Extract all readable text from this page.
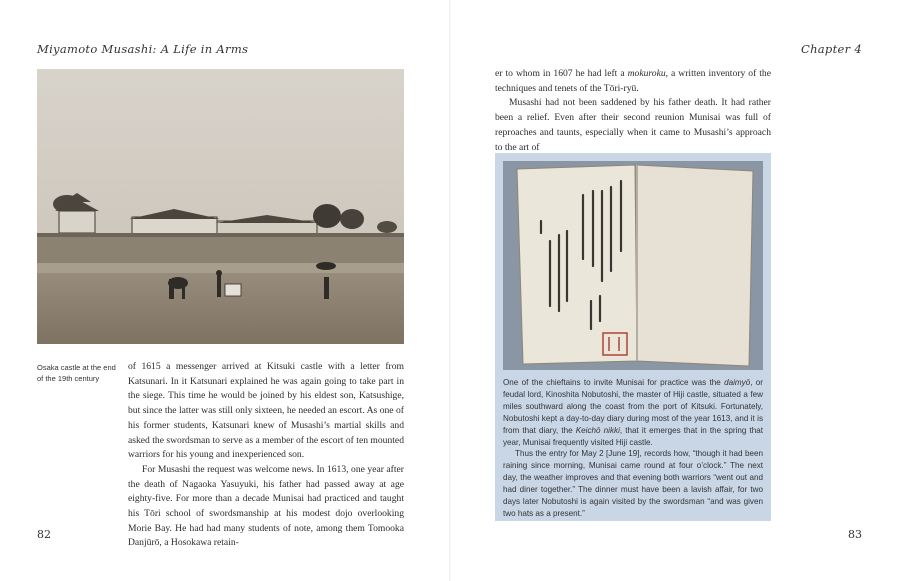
Miyamoto Musashi: A Life in Arms
Osaka castle at the end of the 19th century

of 1615 a messenger arrived at Kitsuki castle with a letter from Katsunari. In it Katsunari explained he was again going to take part in the siege. This time he would be joined by his eldest son, Katsushige, but since the latter was still only sixteen, he needed an escort. As one of his former students, Katsunari knew of Musashi’s martial skills and asked the swordsman to serve as a member of the escort of ten mounted warriors for his young and inexperienced son.

For Musashi the request was welcome news. In 1613, one year after the death of Nagaoka Yasuyuki, his father had passed away at age eighty-five. For more than a decade Munisai had practiced and taught his Tōri school of swordsmanship at his modest dojo overlooking Morie Bay. He had had many students of note, among them Tomooka Danjūrō, a Hosokawa retain-

82
Chapter 4

er to whom in 1607 he had left a mokuroku, a written inventory of the techniques and tenets of the Tōri-ryū.

Musashi had not been saddened by his father death. It had rather been a relief. Even after their second reunion Munisai was full of reproaches and taunts, especially when it came to Musashi’s approach to the art of

One of the chieftains to invite Munisai for practice was the daimyō, or feudal lord, Kinoshita Nobutoshi, the master of Hiji castle, situated a few miles southward along the coast from the port of Kitsuki. Fortunately, Nobutoshi kept a day-to-day diary during most of the year 1613, and it is from that diary, the Keichō nikki, that it emerges that in the spring that year, Munisai frequently visited Hiji castle.

Thus the entry for May 2 [June 19], records how, “though it had been raining since morning, Munisai came round at four o’clock.” The next day, the weather improves and that evening both warriors “went out and had diner together.” The dinner must have been a lavish affair, for two days later Nobutoshi is again visited by the swordsman “and was given two hats as a present.”

83
